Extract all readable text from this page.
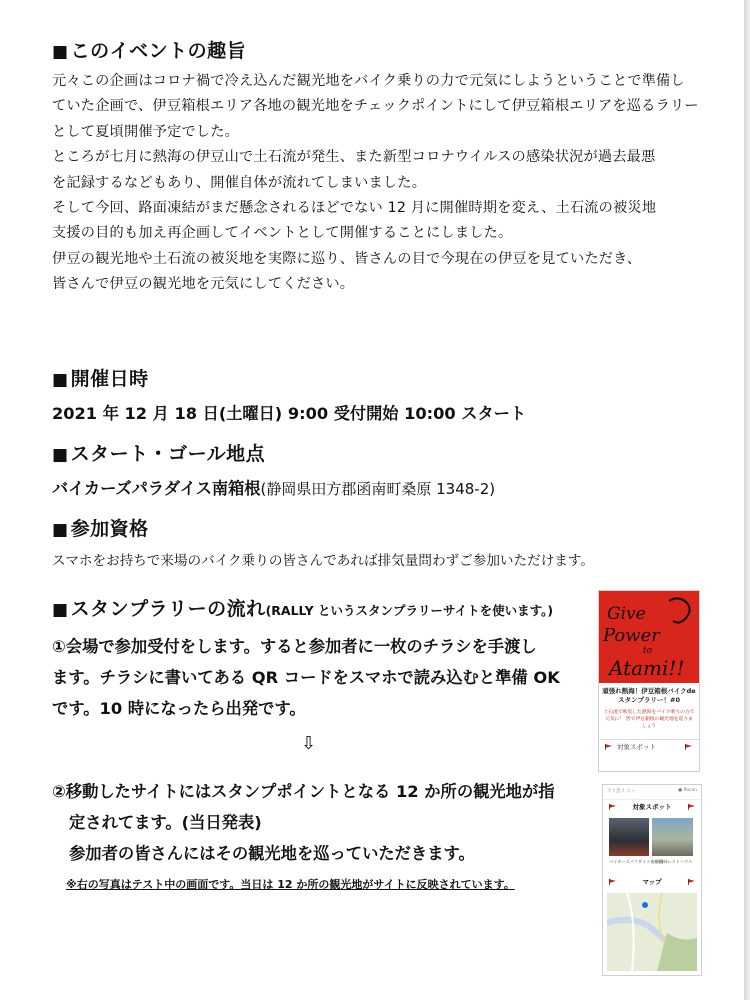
■ このイベントの趣旨
元々この企画はコロナ禍で冷え込んだ観光地をバイク乗りの力で元気にしようということで準備し
ていた企画で、伊豆箱根エリア各地の観光地をチェックポイントにして伊豆箱根エリアを巡るラリー
として夏頃開催予定でした。
ところが七月に熱海の伊豆山で土石流が発生、また新型コロナウイルスの感染状況が過去最悪
を記録するなどもあり、開催自体が流れてしまいました。
そして今回、路面凍結がまだ懸念されるほどでない 12 月に開催時期を変え、土石流の被災地
支援の目的も加え再企画してイベントとして開催することにしました。
伊豆の観光地や土石流の被災地を実際に巡り、皆さんの目で今現在の伊豆を見ていただき、
皆さんで伊豆の観光地を元気にしてください。
■ 開催日時
2021 年 12 月 18 日(土曜日) 9:00 受付開始 10:00 スタート
■ スタート・ゴール地点
バイカーズパラダイス南箱根(静岡県田方郡函南町桑原 1348-2)
■ 参加資格
スマホをお持ちで来場のバイク乗りの皆さんであれば排気量問わずご参加いただけます。
■ スタンプラリーの流れ(RALLY というスタンプラリーサイトを使います。)
①会場で参加受付をします。すると参加者に一枚のチラシを手渡し
ます。チラシに書いてある QR コードをスマホで読み込むと準備 OK
です。10 時になったら出発です。
⇩
②移動したサイトにはスタンプポイントとなる 12 か所の観光地が指
定されてます。(当日発表)
参加者の皆さんにはその観光地を巡っていただきます。
※右の写真はテスト中の画面です。当日は 12 か所の観光地がサイトに反映されています。
Give
Power
to
Atami!!
頑張れ熱海！伊豆箱根バイクde スタンプラリー！#0
土石流で被災した熱海をバイク乗りの力で元気に！ 皆で伊豆箱根の観光地を巡りましょう
対象スポット
ラリ会メ ミィ	● Pocan
対象スポット
バイカーズパラダイス南箱根
十国峠レストハウス
マップ
